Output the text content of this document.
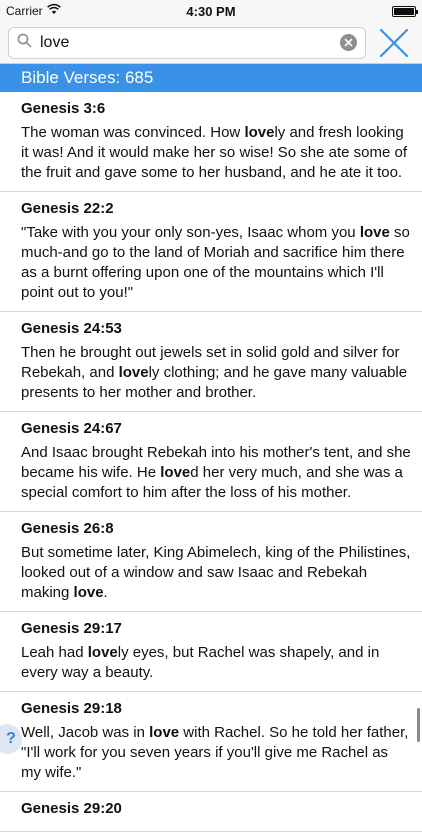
Carrier	4:30 PM
love
Bible Verses: 685
Genesis 3:6
The woman was convinced. How lovely and fresh looking it was! And it would make her so wise! So she ate some of the fruit and gave some to her husband, and he ate it too.
Genesis 22:2
"Take with you your only son-yes, Isaac whom you love so much-and go to the land of Moriah and sacrifice him there as a burnt offering upon one of the mountains which I'll point out to you!"
Genesis 24:53
Then he brought out jewels set in solid gold and silver for Rebekah, and lovely clothing; and he gave many valuable presents to her mother and brother.
Genesis 24:67
And Isaac brought Rebekah into his mother's tent, and she became his wife. He loved her very much, and she was a special comfort to him after the loss of his mother.
Genesis 26:8
But sometime later, King Abimelech, king of the Philistines, looked out of a window and saw Isaac and Rebekah making love.
Genesis 29:17
Leah had lovely eyes, but Rachel was shapely, and in every way a beauty.
Genesis 29:18
Well, Jacob was in love with Rachel. So he told her father, "I'll work for you seven years if you'll give me Rachel as my wife."
Genesis 29:20
?
